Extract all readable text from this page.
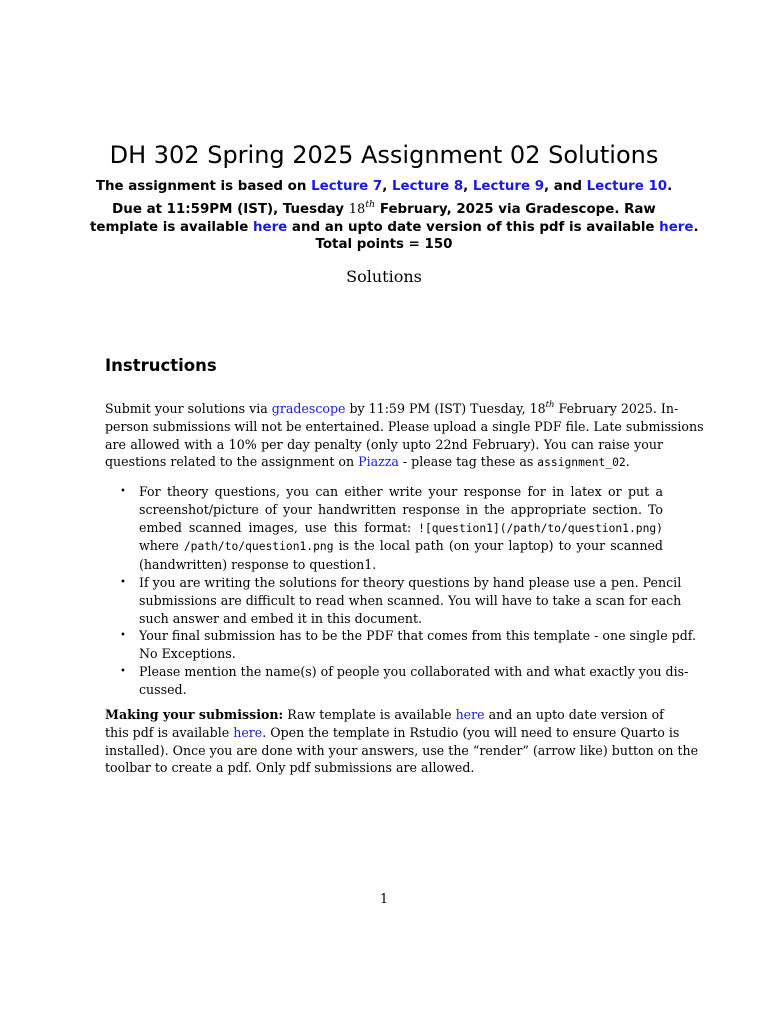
DH 302 Spring 2025 Assignment 02 Solutions
The assignment is based on Lecture 7, Lecture 8, Lecture 9, and Lecture 10.
Due at 11:59PM (IST), Tuesday 18th February, 2025 via Gradescope. Raw
template is available here and an upto date version of this pdf is available here.
Total points = 150
Solutions
Instructions
Submit your solutions via gradescope by 11:59 PM (IST) Tuesday, 18th February 2025. In-
person submissions will not be entertained. Please upload a single PDF file. Late submissions
are allowed with a 10% per day penalty (only upto 22nd February). You can raise your
questions related to the assignment on Piazza - please tag these as assignment_02.
• For theory questions, you can either write your response for in latex or put a
screenshot/picture of your handwritten response in the appropriate section. To
embed scanned images, use this format: ![question1](/path/to/question1.png)
where /path/to/question1.png is the local path (on your laptop) to your scanned
(handwritten) response to question1.
• If you are writing the solutions for theory questions by hand please use a pen. Pencil
submissions are difficult to read when scanned. You will have to take a scan for each
such answer and embed it in this document.
• Your final submission has to be the PDF that comes from this template - one single pdf.
No Exceptions.
• Please mention the name(s) of people you collaborated with and what exactly you dis-
cussed.
Making your submission: Raw template is available here and an upto date version of
this pdf is available here. Open the template in Rstudio (you will need to ensure Quarto is
installed). Once you are done with your answers, use the “render” (arrow like) button on the
toolbar to create a pdf. Only pdf submissions are allowed.
1
